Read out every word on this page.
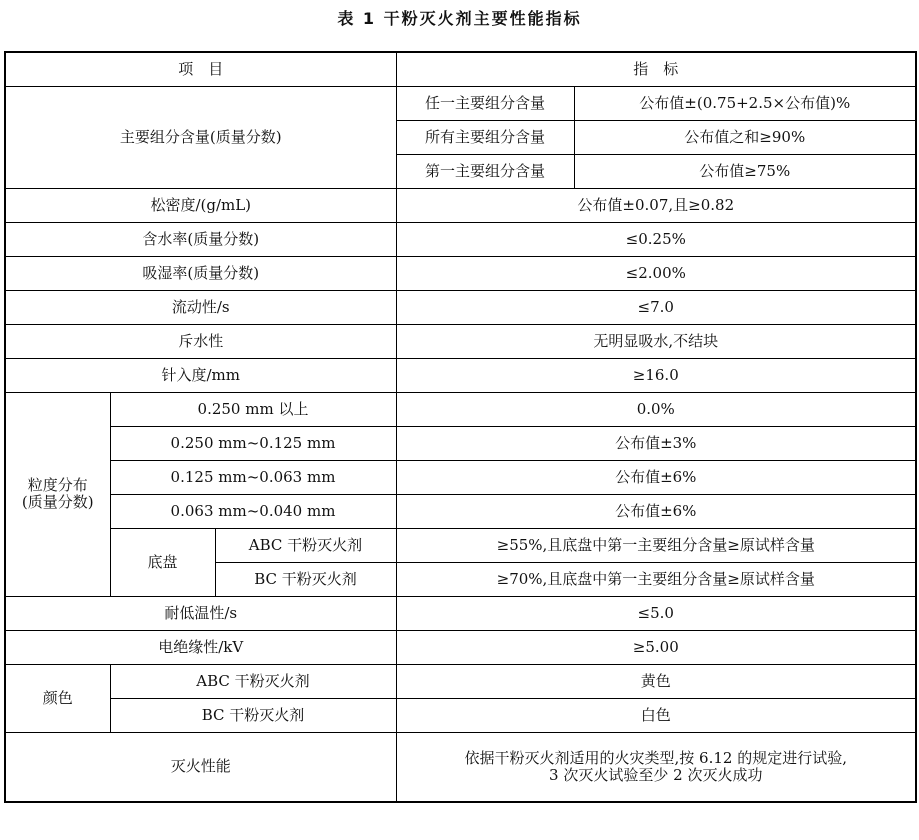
表 1 干粉灭火剂主要性能指标
项　目			指　标	
主要组分含量(质量分数)			任一主要组分含量	公布值±(0.75+2.5×公布值)%
			所有主要组分含量	公布值之和≥90%
			第一主要组分含量	公布值≥75%
松密度/(g/mL)			公布值±0.07,且≥0.82	
含水率(质量分数)			≤0.25%	
吸湿率(质量分数)			≤2.00%	
流动性/s			≤7.0	
斥水性			无明显吸水,不结块	
针入度/mm			≥16.0	
粒度分布
(质量分数)	0.250 mm 以上		0.0%	
	0.250 mm~0.125 mm		公布值±3%	
	0.125 mm~0.063 mm		公布值±6%	
	0.063 mm~0.040 mm		公布值±6%	
	底盘	ABC 干粉灭火剂	≥55%,且底盘中第一主要组分含量≥原试样含量	
		BC 干粉灭火剂	≥70%,且底盘中第一主要组分含量≥原试样含量	
耐低温性/s			≤5.0	
电绝缘性/kV			≥5.00	
颜色	ABC 干粉灭火剂		黄色	
	BC 干粉灭火剂		白色	
灭火性能			依据干粉灭火剂适用的火灾类型,按 6.12 的规定进行试验,
3 次灭火试验至少 2 次灭火成功	
